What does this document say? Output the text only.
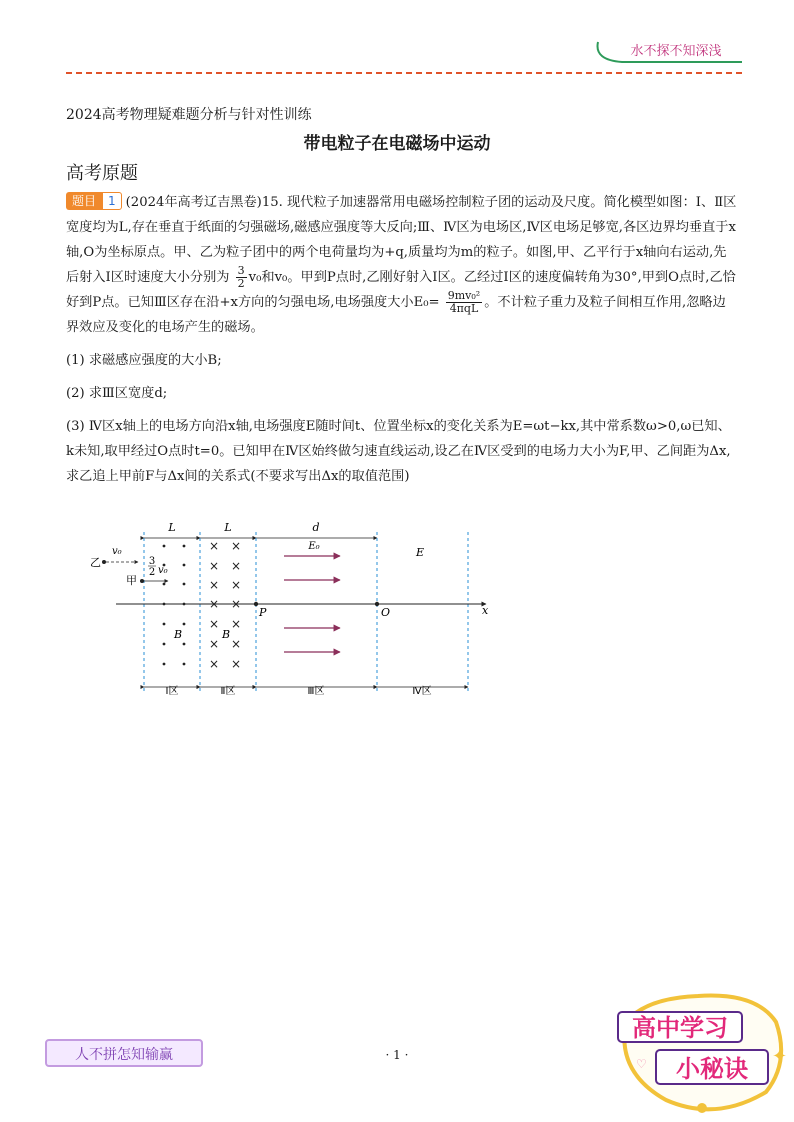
水不探不知深浅
2024高考物理疑难题分析与针对性训练
带电粒子在电磁场中运动
高考原题

题目 1 (2024年高考辽吉黑卷)15. 现代粒子加速器常用电磁场控制粒子团的运动及尺度。简化模型如图：Ⅰ、Ⅱ区宽度均为L,存在垂直于纸面的匀强磁场,磁感应强度等大反向;Ⅲ、Ⅳ区为电场区,Ⅳ区电场足够宽,各区边界均垂直于x轴,O为坐标原点。甲、乙为粒子团中的两个电荷量均为+q,质量均为m的粒子。如图,甲、乙平行于x轴向右运动,先后射入Ⅰ区时速度大小分别为 $\frac{3}{2} v_0$和v₀。甲到P点时,乙刚好射入Ⅰ区。乙经过Ⅰ区的速度偏转角为30°,甲到O点时,乙恰好到P点。已知Ⅲ区存在沿+x方向的匀强电场,电场强度大小$E_0= \frac{\text{9mv₀²}}{\text{4πqL}}$ 。不计粒子重力及粒子间相互作用,忽略边界效应及变化的电场产生的磁场。

(1) 求磁感应强度的大小B;

(2) 求Ⅲ区宽度d;

(3) Ⅳ区x轴上的电场方向沿x轴,电场强度E随时间t、位置坐标x的变化关系为E=ωt−kx,其中常系数ω>0,ω已知、k未知,取甲经过O点时t=0。已知甲在Ⅳ区始终做匀速直线运动,设乙在Ⅳ区受到的电场力大小为F,甲、乙间距为Δx,求乙追上甲前F与Δx间的关系式(不要求写出Δx的取值范围)

× ×
× ×
× ×
× ×
× ×
× ×
× ×
L	L	d
E₀	E
乙
v₀
甲
3
2 v₀
B	B
P	O	x
Ⅰ区	Ⅱ区	Ⅲ区	Ⅳ区
人不拼怎知输赢	· 1 ·
高中学习
小秘诀 ✦
♡
